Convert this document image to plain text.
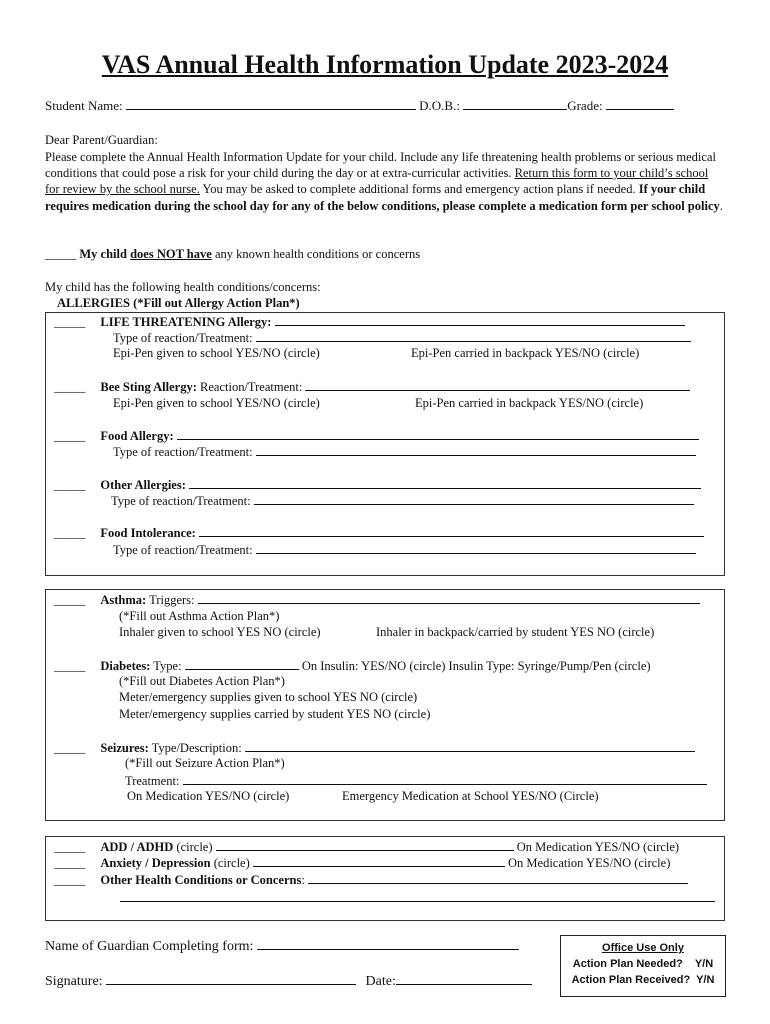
VAS Annual Health Information Update 2023-2024
Student Name:	D.O.B.:	Grade:
Dear Parent/Guardian:
Please complete the Annual Health Information Update for your child. Include any life threatening health problems or serious medical conditions that could pose a risk for your child during the day or at extra-curricular activities. Return this form to your child’s school for review by the school nurse. You may be asked to complete additional forms and emergency action plans if needed. If your child requires medication during the school day for any of the below conditions, please complete a medication form per school policy.
_____ My child does NOT have any known health conditions or concerns
My child has the following health conditions/concerns:
ALLERGIES (*Fill out Allergy Action Plan*)
_____ LIFE THREATENING Allergy:
Type of reaction/Treatment:
Epi-Pen given to school YES/NO (circle)	Epi-Pen carried in backpack YES/NO (circle)
_____ Bee Sting Allergy: Reaction/Treatment:
Epi-Pen given to school YES/NO (circle)	Epi-Pen carried in backpack YES/NO (circle)
_____ Food Allergy:
Type of reaction/Treatment:
_____ Other Allergies:
Type of reaction/Treatment:
_____ Food Intolerance:
Type of reaction/Treatment:
_____ Asthma: Triggers:
(*Fill out Asthma Action Plan*)
Inhaler given to school YES NO (circle)	Inhaler in backpack/carried by student YES NO (circle)
_____ Diabetes: Type:	On Insulin: YES/NO (circle) Insulin Type: Syringe/Pump/Pen (circle)
(*Fill out Diabetes Action Plan*)
Meter/emergency supplies given to school YES NO (circle)
Meter/emergency supplies carried by student YES NO (circle)
_____ Seizures: Type/Description:
(*Fill out Seizure Action Plan*)
Treatment:
On Medication YES/NO (circle)	Emergency Medication at School YES/NO (Circle)
_____ ADD / ADHD (circle)	On Medication YES/NO (circle)
_____ Anxiety / Depression (circle)	On Medication YES/NO (circle)
_____ Other Health Conditions or Concerns:
Name of Guardian Completing form:
Signature:	Date:
Office Use Only
Action Plan Needed?    Y/N
Action Plan Received?  Y/N
